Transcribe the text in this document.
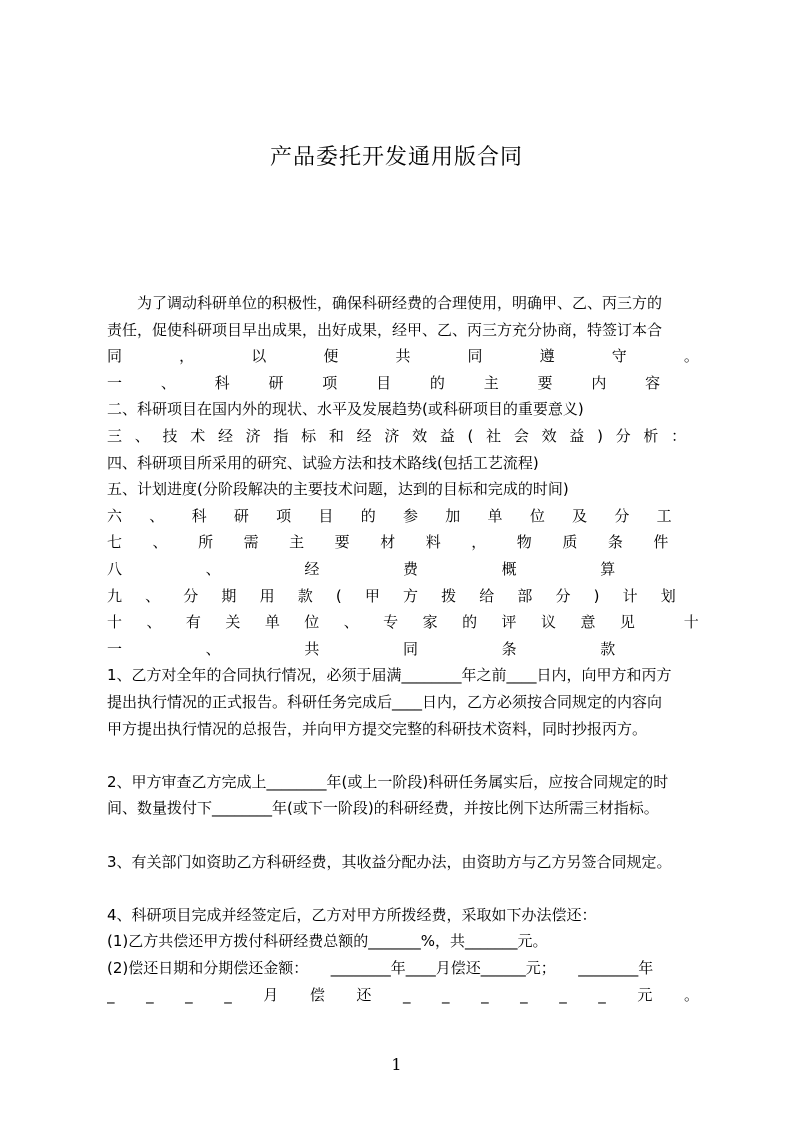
产品委托开发通用版合同
　　为了调动科研单位的积极性，确保科研经费的合理使用，明确甲、乙、丙三方的
责任，促使科研项目早出成果，出好成果，经甲、乙、丙三方充分协商，特签订本合
同	，	以	便	共	同	遵	守	。
一	、	科	研	项	目	的	主	要	内	容
二、科研项目在国内外的现状、水平及发展趋势(或科研项目的重要意义)
三 、 技 术 经 济 指 标 和 经 济 效 益 ( 社 会 效 益 ) 分 析 ：
四、科研项目所采用的研究、试验方法和技术路线(包括工艺流程)
五、计划进度(分阶段解决的主要技术问题，达到的目标和完成的时间)
六 、 科 研 项 目 的 参 加 单 位 及 分 工
七 、 所 需 主 要 材 料 ， 物 质 条 件
八	、	经	费	概	算
九 、 分 期 用 款 ( 甲 方 拨 给 部 分 ) 计 划
十 、 有 关 单 位 、 专 家 的 评 议 意 见	十
一	、	共	同	条	款
1、乙方对全年的合同执行情况，必须于届满________年之前____日内，向甲方和丙方
提出执行情况的正式报告。科研任务完成后____日内，乙方必须按合同规定的内容向
甲方提出执行情况的总报告，并向甲方提交完整的科研技术资料，同时抄报丙方。
2、甲方审查乙方完成上________年(或上一阶段)科研任务属实后，应按合同规定的时
间、数量拨付下________年(或下一阶段)的科研经费，并按比例下达所需三材指标。
3、有关部门如资助乙方科研经费，其收益分配办法，由资助方与乙方另签合同规定。
4、科研项目完成并经签定后，乙方对甲方所拨经费，采取如下办法偿还：
(1)乙方共偿还甲方拨付科研经费总额的_______%，共_______元。
(2)偿还日期和分期偿还金额：　　________年____月偿还______元；　　________年
_ _ _ _ 月 偿 还 _ _ _ _ _ _ 元 。
1
